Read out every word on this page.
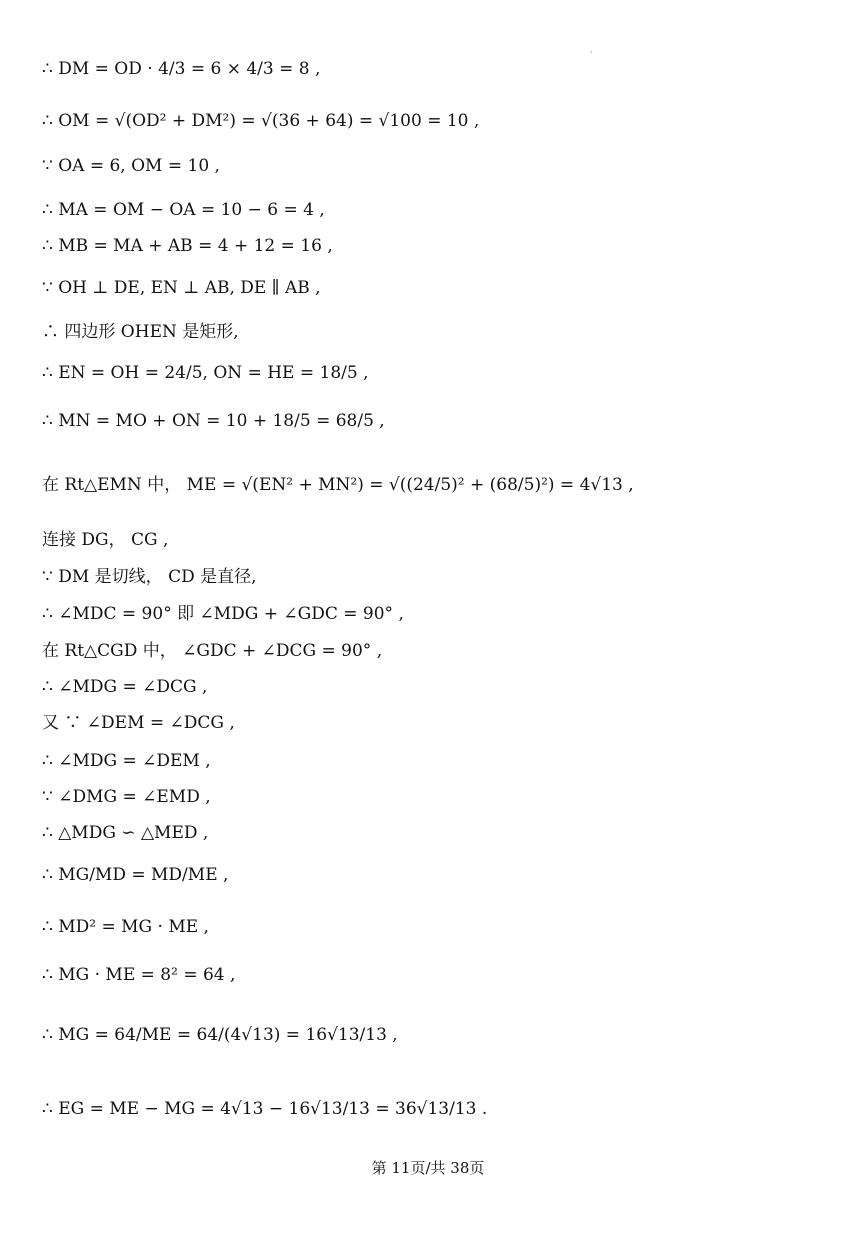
·
∴ DM = OD · 4/3 = 6 × 4/3 = 8 ,
∴ OM = √(OD² + DM²) = √(36 + 64) = √100 = 10 ,
∵ OA = 6, OM = 10 ,
∴ MA = OM − OA = 10 − 6 = 4 ,
∴ MB = MA + AB = 4 + 12 = 16 ,
∵ OH ⊥ DE, EN ⊥ AB, DE ∥ AB ,
∴ 四边形 OHEN 是矩形,
∴ EN = OH = 24/5, ON = HE = 18/5 ,
∴ MN = MO + ON = 10 + 18/5 = 68/5 ,
在 Rt△EMN 中， ME = √(EN² + MN²) = √((24/5)² + (68/5)²) = 4√13 ,
连接 DG， CG ,
∵ DM 是切线， CD 是直径,
∴ ∠MDC = 90° 即 ∠MDG + ∠GDC = 90° ,
在 Rt△CGD 中， ∠GDC + ∠DCG = 90° ,
∴ ∠MDG = ∠DCG ,
又 ∵ ∠DEM = ∠DCG ,
∴ ∠MDG = ∠DEM ,
∵ ∠DMG = ∠EMD ,
∴ △MDG ∽ △MED ,
∴ MG/MD = MD/ME ,
∴ MD² = MG · ME ,
∴ MG · ME = 8² = 64 ,
∴ MG = 64/ME = 64/(4√13) = 16√13/13 ,
∴ EG = ME − MG = 4√13 − 16√13/13 = 36√13/13 .
第 11页/共 38页
